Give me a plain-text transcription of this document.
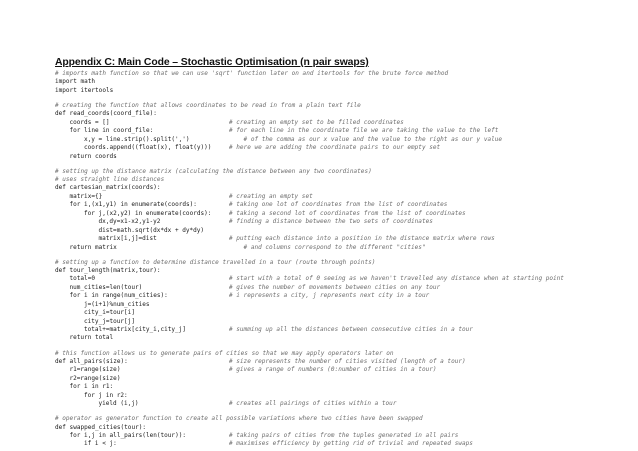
Appendix C: Main Code – Stochastic Optimisation (n pair swaps)
# imports math function so that we can use 'sqrt' function later on and itertools for the brute force method
import math
import itertools
# creating the function that allows coordinates to be read in from a plain text file
def read_coords(coord_file):
coords = []	# creating an empty set to be filled coordinates
for line in coord_file:	# for each line in the coordinate file we are taking the value to the left
x,y = line.strip().split(',')	# of the comma as our x value and the value to the right as our y value
coords.append((float(x), float(y)))	# here we are adding the coordinate pairs to our empty set
return coords
# setting up the distance matrix (calculating the distance between any two coordinates)
# uses straight line distances
def cartesian_matrix(coords):
matrix={}	# creating an empty set
for i,(x1,y1) in enumerate(coords):	# taking one lot of coordinates from the list of coordinates
for j,(x2,y2) in enumerate(coords):	# taking a second lot of coordinates from the list of coordinates
dx,dy=x1-x2,y1-y2	# finding a distance between the two sets of coordinates
dist=math.sqrt(dx*dx + dy*dy)
matrix[i,j]=dist	# putting each distance into a position in the distance matrix where rows
return matrix	# and columns correspond to the different "cities"
# setting up a function to determine distance travelled in a tour (route through points)
def tour_length(matrix,tour):
total=0	# start with a total of 0 seeing as we haven't travelled any distance when at starting point
num_cities=len(tour)	# gives the number of movements between cities on any tour
for i in range(num_cities):	# i represents a city, j represents next city in a tour
j=(i+1)%num_cities
city_i=tour[i]
city_j=tour[j]
total+=matrix[city_i,city_j]	# summing up all the distances between consecutive cities in a tour
return total
# this function allows us to generate pairs of cities so that we may apply operators later on
def all_pairs(size):	# size represents the number of cities visited (length of a tour)
r1=range(size)	# gives a range of numbers (0:number of cities in a tour)
r2=range(size)
for i in r1:
for j in r2:
yield (i,j)	# creates all pairings of cities within a tour
# operator as generator function to create all possible variations where two cities have been swapped
def swapped_cities(tour):
for i,j in all_pairs(len(tour)):	# taking pairs of cities from the tuples generated in all pairs
if i < j:	# maximises efficiency by getting rid of trivial and repeated swaps
